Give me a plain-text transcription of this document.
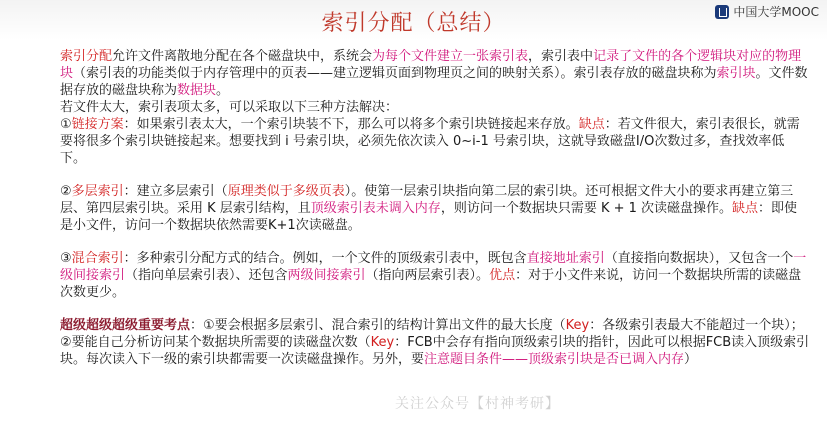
索引分配（总结）	中国大学MOOC

索引分配允许文件离散地分配在各个磁盘块中，系统会为每个文件建立一张索引表，索引表中记录了文件的各个逻辑块对应的物理块（索引表的功能类似于内存管理中的页表——建立逻辑页面到物理页之间的映射关系）。索引表存放的磁盘块称为索引块。文件数据存放的磁盘块称为数据块。

若文件太大，索引表项太多，可以采取以下三种方法解决：

①链接方案：如果索引表太大，一个索引块装不下，那么可以将多个索引块链接起来存放。缺点：若文件很大，索引表很长，就需要将很多个索引块链接起来。想要找到 i 号索引块，必须先依次读入 0~i-1 号索引块，这就导致磁盘I/O次数过多，查找效率低下。

②多层索引：建立多层索引（原理类似于多级页表）。使第一层索引块指向第二层的索引块。还可根据文件大小的要求再建立第三层、第四层索引块。采用 K 层索引结构，且顶级索引表未调入内存，则访问一个数据块只需要 K + 1 次读磁盘操作。缺点：即使是小文件，访问一个数据块依然需要K+1次读磁盘。

③混合索引：多种索引分配方式的结合。例如，一个文件的顶级索引表中，既包含直接地址索引（直接指向数据块），又包含一个一级间接索引（指向单层索引表）、还包含两级间接索引（指向两层索引表）。优点：对于小文件来说，访问一个数据块所需的读磁盘次数更少。

超级超级超级重要考点：①要会根据多层索引、混合索引的结构计算出文件的最大长度（Key：各级索引表最大不能超过一个块）；②要能自己分析访问某个数据块所需要的读磁盘次数（Key：FCB中会存有指向顶级索引块的指针，因此可以根据FCB读入顶级索引块。每次读入下一级的索引块都需要一次读磁盘操作。另外，要注意题目条件——顶级索引块是否已调入内存）

关注公众号【村神考研】
